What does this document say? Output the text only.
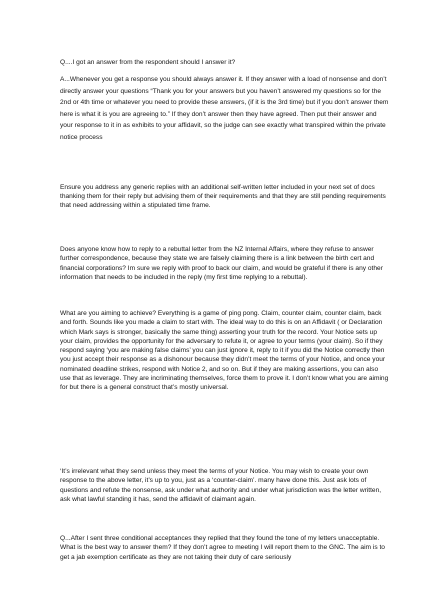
Q....I got an answer from the respondent should I answer it?

A...Whenever you get a response you should always answer it. If they answer with a load of nonsense and don’t directly answer your questions “Thank you for your answers but you haven’t answered my questions so for the 2nd or 4th time or whatever you need to provide these answers, (if it is the 3rd time) but if you don’t answer them here is what it is you are agreeing to.” If they don’t answer then they have agreed. Then put their answer and your response to it in as exhibits to your affidavit, so the judge can see exactly what transpired within the private notice process

Ensure you address any generic replies with an additional self-written letter included in your next set of docs thanking them for their reply but advising them of their requirements and that they are still pending requirements that need addressing within a stipulated time frame.

Does anyone know how to reply to a rebuttal letter from the NZ Internal Affairs, where they refuse to answer further correspondence, because they state we are falsely claiming there is a link between the birth cert and financial corporations? Im sure we reply with proof to back our claim, and would be grateful if there is any other information that needs to be included in the reply (my first time replying to a rebuttal).

What are you aiming to achieve? Everything is a game of ping pong. Claim, counter claim, counter claim, back and forth. Sounds like you made a claim to start with. The ideal way to do this is on an Affidavit ( or Declaration which Mark says is stronger, basically the same thing) asserting your truth for the record. Your Notice sets up your claim, provides the opportunity for the adversary to refute it, or agree to your terms (your claim). So if they respond saying ‘you are making false claims’ you can just ignore it, reply to it if you did the Notice correctly then you just accept their response as a dishonour because they didn’t meet the terms of your Notice, and once your nominated deadline strikes, respond with Notice 2, and so on. But if they are making assertions, you can also use that as leverage. They are incriminating themselves, force them to prove it. I don’t know what you are aiming for but there is a general construct that’s mostly universal.

‘It’s irrelevant what they send unless they meet the terms of your Notice. You may wish to create your own response to the above letter, it’s up to you, just as a ‘counter-claim’. many have done this. Just ask lots of questions and refute the nonsense, ask under what authority and under what jurisdiction was the letter written, ask what lawful standing it has, send the affidavit of claimant again.

Q...After I sent three conditional acceptances they replied that they found the tone of my letters unacceptable. What is the best way to answer them? If they don’t agree to meeting I will report them to the GNC. The aim is to get a jab exemption certificate as they are not taking their duty of care seriously
